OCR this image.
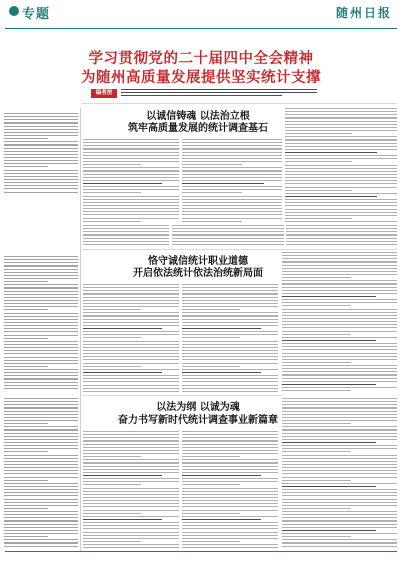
专题	随州日报
学习贯彻党的二十届四中全会精神
为随州高质量发展提供坚实统计支撑
编者按
以诚信铸魂 以法治立根
筑牢高质量发展的统计调查基石
恪守诚信统计职业道德
开启依法统计依法治统新局面
以法为纲 以诚为魂
奋力书写新时代统计调查事业新篇章
